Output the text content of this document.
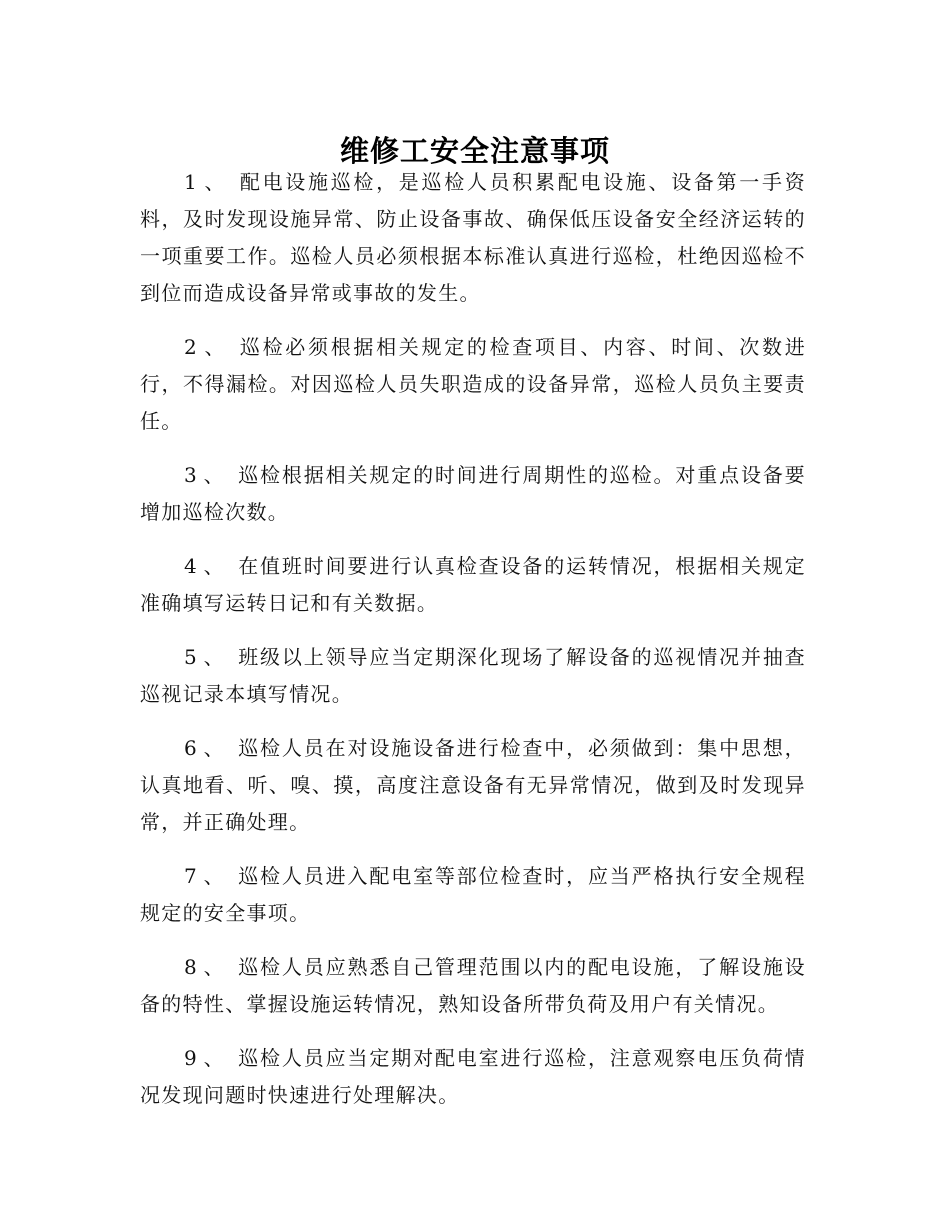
维修工安全注意事项

1 、 配电设施巡检，是巡检人员积累配电设施、设备第一手资料，及时发现设施异常、防止设备事故、确保低压设备安全经济运转的一项重要工作。巡检人员必须根据本标准认真进行巡检，杜绝因巡检不到位而造成设备异常或事故的发生。

2 、 巡检必须根据相关规定的检查项目、内容、时间、次数进行，不得漏检。对因巡检人员失职造成的设备异常，巡检人员负主要责任。

3 、 巡检根据相关规定的时间进行周期性的巡检。对重点设备要增加巡检次数。

4 、 在值班时间要进行认真检查设备的运转情况，根据相关规定准确填写运转日记和有关数据。

5 、 班级以上领导应当定期深化现场了解设备的巡视情况并抽查巡视记录本填写情况。

6 、 巡检人员在对设施设备进行检查中，必须做到：集中思想，认真地看、听、嗅、摸，高度注意设备有无异常情况，做到及时发现异常，并正确处理。

7 、 巡检人员进入配电室等部位检查时，应当严格执行安全规程规定的安全事项。

8 、 巡检人员应熟悉自己管理范围以内的配电设施，了解设施设备的特性、掌握设施运转情况，熟知设备所带负荷及用户有关情况。

9 、 巡检人员应当定期对配电室进行巡检，注意观察电压负荷情况发现问题时快速进行处理解决。
